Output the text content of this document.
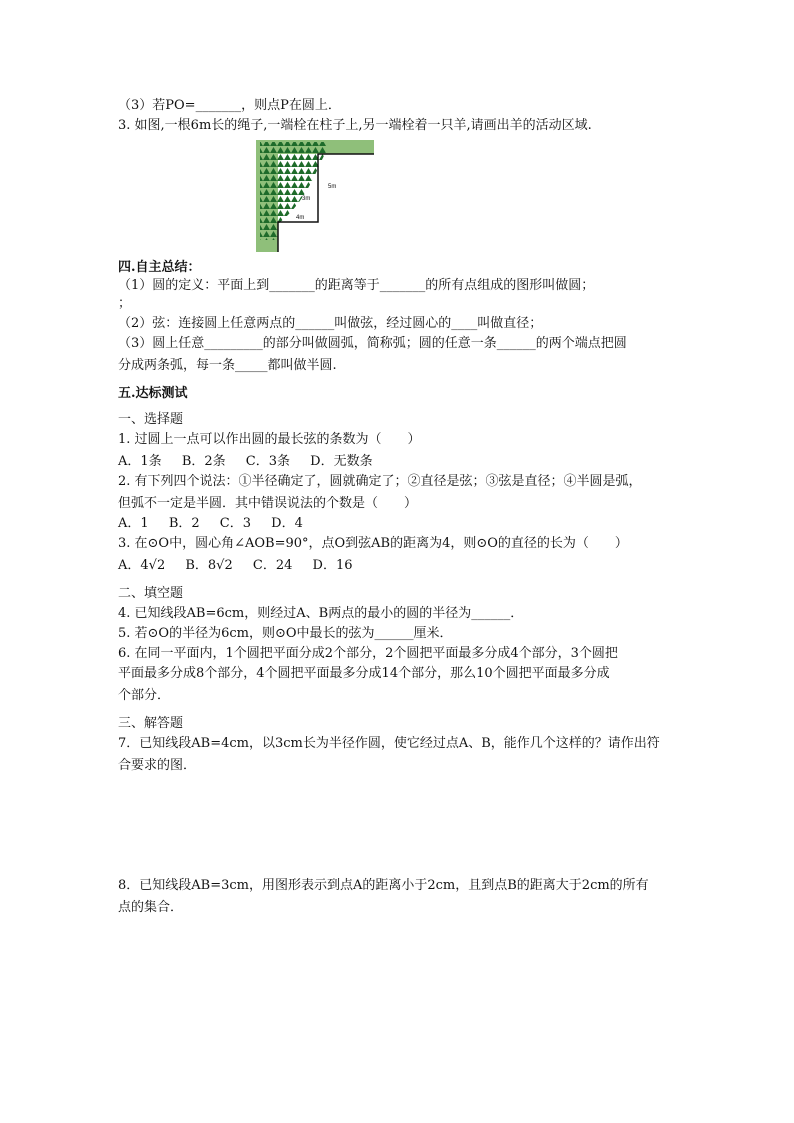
（3）若PO=_______，则点P在圆上．
3. 如图,一根6m长的绳子,一端栓在柱子上,另一端栓着一只羊,请画出羊的活动区域.
5m
4m
3m
四.自主总结：
（1）圆的定义：平面上到_______的距离等于_______的所有点组成的图形叫做圆；
；
（2）弦：连接圆上任意两点的______叫做弦，经过圆心的____叫做直径；
（3）圆上任意_________的部分叫做圆弧，简称弧；圆的任意一条______的两个端点把圆
分成两条弧，每一条_____都叫做半圆.
五.达标测试
一、选择题
1. 过圆上一点可以作出圆的最长弦的条数为（　　）
A．1条 B．2条 C．3条 D．无数条
2. 有下列四个说法：①半径确定了，圆就确定了；②直径是弦；③弦是直径；④半圆是弧，
但弧不一定是半圆．其中错误说法的个数是（　　）
A．1 B．2 C．3 D．4
3. 在⊙O中，圆心角∠AOB=90°，点O到弦AB的距离为4，则⊙O的直径的长为（　　）
A．4√2 B．8√2 C．24 D．16
二、填空题
4. 已知线段AB=6cm，则经过A、B两点的最小的圆的半径为______．
5. 若⊙O的半径为6cm，则⊙O中最长的弦为______厘米．
6. 在同一平面内，1个圆把平面分成2个部分，2个圆把平面最多分成4个部分，3个圆把
平面最多分成8个部分，4个圆把平面最多分成14个部分，那么10个圆把平面最多分成
个部分．
三、解答题
7．已知线段AB=4cm，以3cm长为半径作圆，使它经过点A、B，能作几个这样的？请作出符
合要求的图．
8．已知线段AB=3cm，用图形表示到点A的距离小于2cm，且到点B的距离大于2cm的所有
点的集合．
